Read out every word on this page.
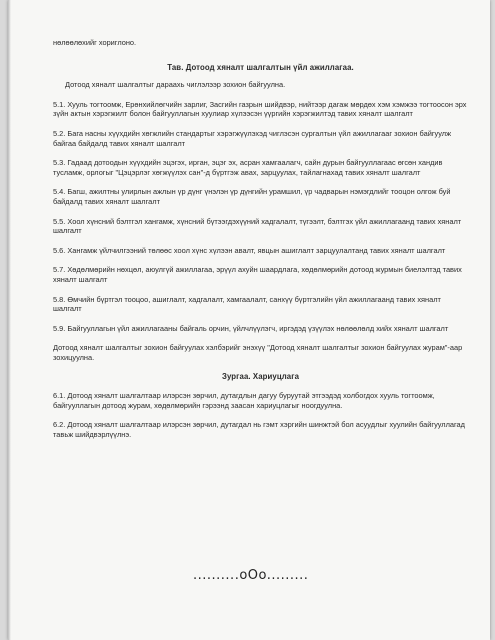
нөлөөлөхийг хориглоно.

Тав. Дотоод хяналт шалгалтын үйл ажиллагаа.

Дотоод хяналт шалгалтыг дараахь чиглэлээр зохион байгуулна.

5.1. Хууль тогтоомж, Ерөнхийлөгчийн зарлиг, Засгийн газрын шийдвэр, нийтээр дагаж мөрдөх хэм хэмжээ тогтоосон эрх зүйн актын хэрэгжилт болон байгууллагын хуулиар хүлээсэн үүргийн хэрэгжилтэд тавих хяналт шалгалт

5.2. Бага насны хүүхдийн хөгжлийн стандартыг хэрэгжүүлэхэд чиглэсэн сургалтын үйл ажиллагааг зохион байгуулж байгаа байдалд тавих хяналт шалгалт

5.3. Гадаад дотоодын хүүхдийн эцэгэх, ирган, эцэг эх, асран хамгаалагч, сайн дурын байгууллагаас өгсөн хандив тусламж, орлогыг "Цэцэрлэг хөгжүүлэх сан"-д бүртгэж авах, зарцуулах, тайлагнахад тавих хяналт шалгалт

5.4. Багш, ажилтны улирлын ажлын үр дүнг үнэлэн үр дүнгийн урамшил, үр чадварын нэмэгдлийг тооцон олгож буй байдалд тавих хяналт шалгалт

5.5. Хоол хүнсний бэлтгэл хангамж, хүнсний бүтээгдэхүүний хадгалалт, түгээлт, бэлтгэх үйл ажиллагаанд тавих хяналт шалгалт

5.6. Хангамж үйлчилгээний төлөөс хоол хүнс хүлээн авалт, явцын ашиглалт зарцуулалтанд тавих хяналт шалгалт

5.7. Хөдөлмөрийн нөхцөл, аюулгүй ажиллагаа, эрүүл ахуйн шаардлага, хөдөлмөрийн дотоод журмын биелэлтэд тавих хяналт шалгалт

5.8. Өмчийн бүртгэл тооцоо, ашиглалт, хадгалалт, хамгаалалт, санхүү бүртгэлийн үйл ажиллагаанд тавих хяналт шалгалт

5.9. Байгууллагын үйл ажиллагааны байгаль орчин, үйлчлүүлэгч, иргэдэд үзүүлэх нөлөөлөлд хийх хяналт шалгалт

Дотоод хяналт шалгалтыг зохион байгуулах хэлбэрийг энэхүү "Дотоод хяналт шалгалтыг зохион байгуулах журам"-аар зохицуулна.

Зургаа. Хариуцлага

6.1. Дотоод хяналт шалгалтаар илэрсэн зөрчил, дутагдлын дагуу буруутай этгээдэд холбогдох хууль тогтоомж, байгууллагын дотоод журам, хөдөлмөрийн гэрээнд заасан хариуцлагыг ноогдуулна.

6.2. Дотоод хяналт шалгалтаар илэрсэн зөрчил, дутагдал нь гэмт хэргийн шинжтэй бол асуудлыг хуулийн байгууллагад тавьж шийдвэрлүүлнэ.

..........oOo.........
